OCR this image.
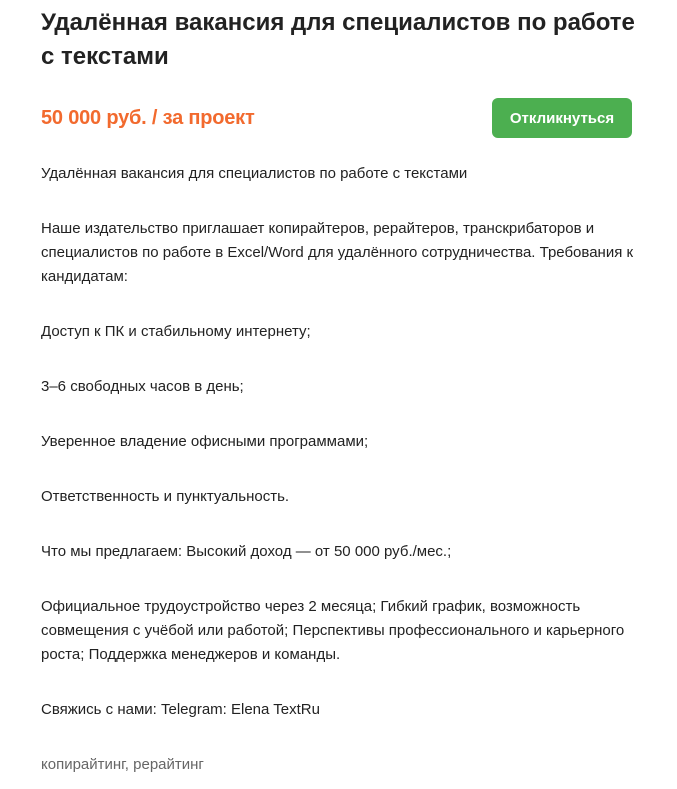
Удалённая вакансия для специалистов по работе с текстами
50 000 руб. / за проект	Откликнуться

Удалённая вакансия для специалистов по работе с текстами

Наше издательство приглашает копирайтеров, рерайтеров, транскрибаторов и специалистов по работе в Excel/Word для удалённого сотрудничества. Требования к кандидатам:

Доступ к ПК и стабильному интернету;

3–6 свободных часов в день;

Уверенное владение офисными программами;

Ответственность и пунктуальность.

Что мы предлагаем: Высокий доход — от 50 000 руб./мес.;

Официальное трудоустройство через 2 месяца; Гибкий график, возможность совмещения с учёбой или работой; Перспективы профессионального и карьерного роста; Поддержка менеджеров и команды.

Свяжись с нами: Telegram: Elena TextRu

копирайтинг, рерайтинг
